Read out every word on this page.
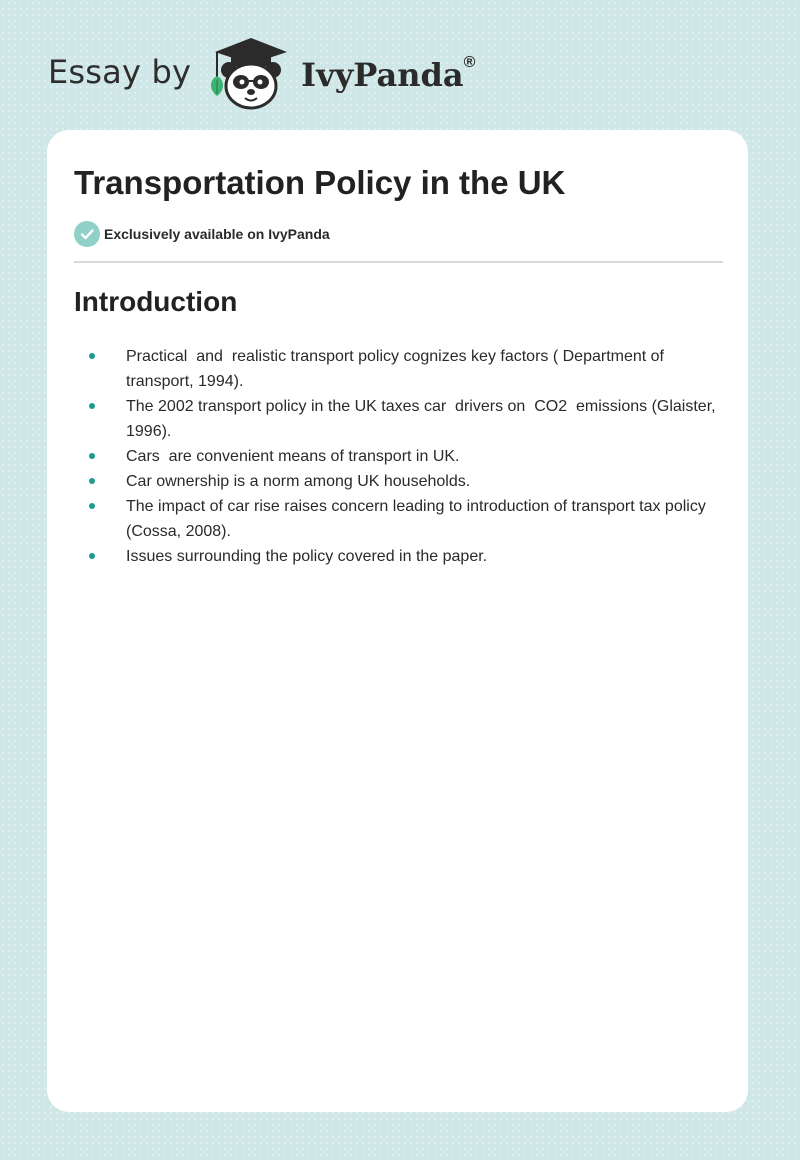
Essay by	IvyPanda®
Transportation Policy in the UK
Exclusively available on IvyPanda
Introduction
Practical  and  realistic transport policy cognizes key factors ( Department of transport, 1994).
The 2002 transport policy in the UK taxes car  drivers on  CO2  emissions (Glaister, 1996).
Cars  are convenient means of transport in UK.
Car ownership is a norm among UK households.
The impact of car rise raises concern leading to introduction of transport tax policy (Cossa, 2008).
Issues surrounding the policy covered in the paper.
